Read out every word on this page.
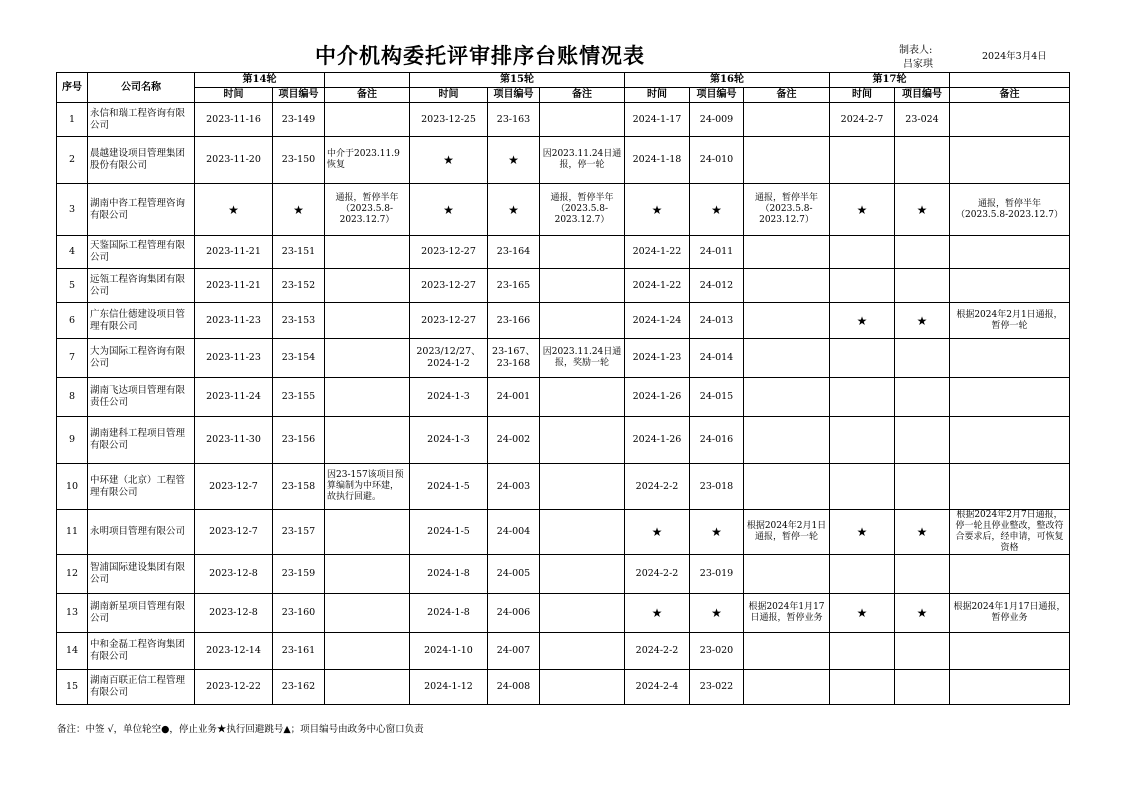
中介机构委托评审排序台账情况表	制表人:
吕家琪
2024年3月4日
序号	公司名称	第14轮			第15轮			第16轮			第17轮		
		时间	项目编号	备注	时间	项目编号	备注	时间	项目编号	备注	时间	项目编号	备注
1	永信和瑞工程咨询有限公司	2023-11-16	23-149		2023-12-25	23-163		2024-1-17	24-009		2024-2-7	23-024	
2	晨越建设项目管理集团股份有限公司	2023-11-20	23-150	中介于2023.11.9恢复	★	★	因2023.11.24日通报，停一轮	2024-1-18	24-010				
3	湖南中咨工程管理咨询有限公司	★	★	通报，暂停半年（2023.5.8-2023.12.7）	★	★	通报，暂停半年（2023.5.8-2023.12.7）	★	★	通报，暂停半年（2023.5.8-2023.12.7）	★	★	通报，暂停半年（2023.5.8-2023.12.7）
4	天鉴国际工程管理有限公司	2023-11-21	23-151		2023-12-27	23-164		2024-1-22	24-011				
5	远瓴工程咨询集团有限公司	2023-11-21	23-152		2023-12-27	23-165		2024-1-22	24-012				
6	广东信仕德建设项目管理有限公司	2023-11-23	23-153		2023-12-27	23-166		2024-1-24	24-013		★	★	根据2024年2月1日通报，暂停一轮
7	大为国际工程咨询有限公司	2023-11-23	23-154		2023/12/27、2024-1-2	23-167、23-168	因2023.11.24日通报，奖励一轮	2024-1-23	24-014				
8	湖南飞达项目管理有限责任公司	2023-11-24	23-155		2024-1-3	24-001		2024-1-26	24-015				
9	湖南建科工程项目管理有限公司	2023-11-30	23-156		2024-1-3	24-002		2024-1-26	24-016				
10	中环建（北京）工程管理有限公司	2023-12-7	23-158	因23-157该项目预算编制为中环建，故执行回避。	2024-1-5	24-003		2024-2-2	23-018				
11	永明项目管理有限公司	2023-12-7	23-157		2024-1-5	24-004		★	★	根据2024年2月1日通报，暂停一轮	★	★	根据2024年2月7日通报，停一轮且停业整改，整改符合要求后，经申请，可恢复资格
12	智浦国际建设集团有限公司	2023-12-8	23-159		2024-1-8	24-005		2024-2-2	23-019				
13	湖南新星项目管理有限公司	2023-12-8	23-160		2024-1-8	24-006		★	★	根据2024年1月17日通报，暂停业务	★	★	根据2024年1月17日通报，暂停业务
14	中和金磊工程咨询集团有限公司	2023-12-14	23-161		2024-1-10	24-007		2024-2-2	23-020				
15	湖南百联正信工程管理有限公司	2023-12-22	23-162		2024-1-12	24-008		2024-2-4	23-022				
备注：中签 √，单位轮空●，停止业务★执行回避跳号▲；项目编号由政务中心窗口负责
